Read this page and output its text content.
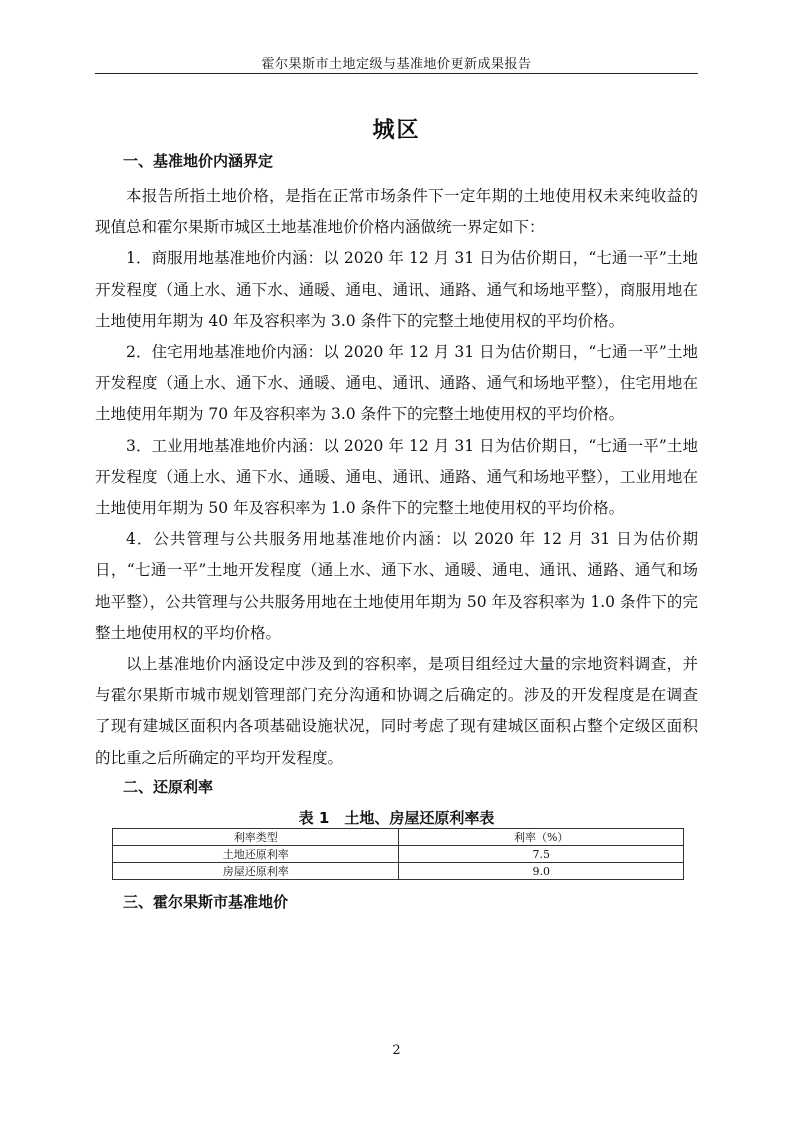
霍尔果斯市土地定级与基准地价更新成果报告
城区
一、基准地价内涵界定

本报告所指土地价格，是指在正常市场条件下一定年期的土地使用权未来纯收益的现值总和霍尔果斯市城区土地基准地价价格内涵做统一界定如下：

1．商服用地基准地价内涵：以 2020 年 12 月 31 日为估价期日，“七通一平”土地开发程度（通上水、通下水、通暖、通电、通讯、通路、通气和场地平整），商服用地在土地使用年期为 40 年及容积率为 3.0 条件下的完整土地使用权的平均价格。

2．住宅用地基准地价内涵：以 2020 年 12 月 31 日为估价期日，“七通一平”土地开发程度（通上水、通下水、通暖、通电、通讯、通路、通气和场地平整），住宅用地在土地使用年期为 70 年及容积率为 3.0 条件下的完整土地使用权的平均价格。

3．工业用地基准地价内涵：以 2020 年 12 月 31 日为估价期日，“七通一平”土地开发程度（通上水、通下水、通暖、通电、通讯、通路、通气和场地平整），工业用地在土地使用年期为 50 年及容积率为 1.0 条件下的完整土地使用权的平均价格。

4．公共管理与公共服务用地基准地价内涵：以 2020 年 12 月 31 日为估价期日，“七通一平”土地开发程度（通上水、通下水、通暖、通电、通讯、通路、通气和场地平整），公共管理与公共服务用地在土地使用年期为 50 年及容积率为 1.0 条件下的完整土地使用权的平均价格。

以上基准地价内涵设定中涉及到的容积率，是项目组经过大量的宗地资料调查，并与霍尔果斯市城市规划管理部门充分沟通和协调之后确定的。涉及的开发程度是在调查了现有建城区面积内各项基础设施状况，同时考虑了现有建城区面积占整个定级区面积的比重之后所确定的平均开发程度。

二、还原利率
表 1　土地、房屋还原利率表
利率类型	利率（%）
土地还原利率	7.5
房屋还原利率	9.0
三、霍尔果斯市基准地价
2
